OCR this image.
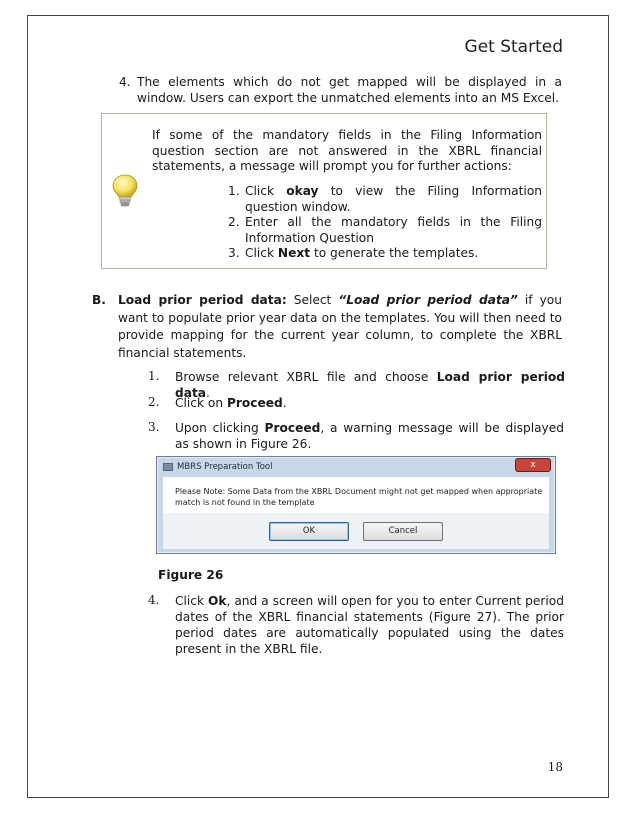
Get Started
4. The elements which do not get mapped will be displayed in a window. Users can export the unmatched elements into an MS Excel.
If some of the mandatory fields in the Filing Information question section are not answered in the XBRL financial statements, a message will prompt you for further actions:
1. Click okay to view the Filing Information question window.
2. Enter all the mandatory fields in the Filing Information Question
3. Click Next to generate the templates.
B. Load prior period data: Select “Load prior period data” if you want to populate prior year data on the templates. You will then need to provide mapping for the current year column, to complete the XBRL financial statements.
1. Browse relevant XBRL file and choose Load prior period data.
2. Click on Proceed.
3. Upon clicking Proceed, a warning message will be displayed as shown in Figure 26.
MBRS Preparation Tool	x
Please Note: Some Data from the XBRL Document might not get mapped when appropriate match is not found in the template
OK	Cancel
Figure 26
4. Click Ok, and a screen will open for you to enter Current period dates of the XBRL financial statements (Figure 27). The prior period dates are automatically populated using the dates present in the XBRL file.
18
